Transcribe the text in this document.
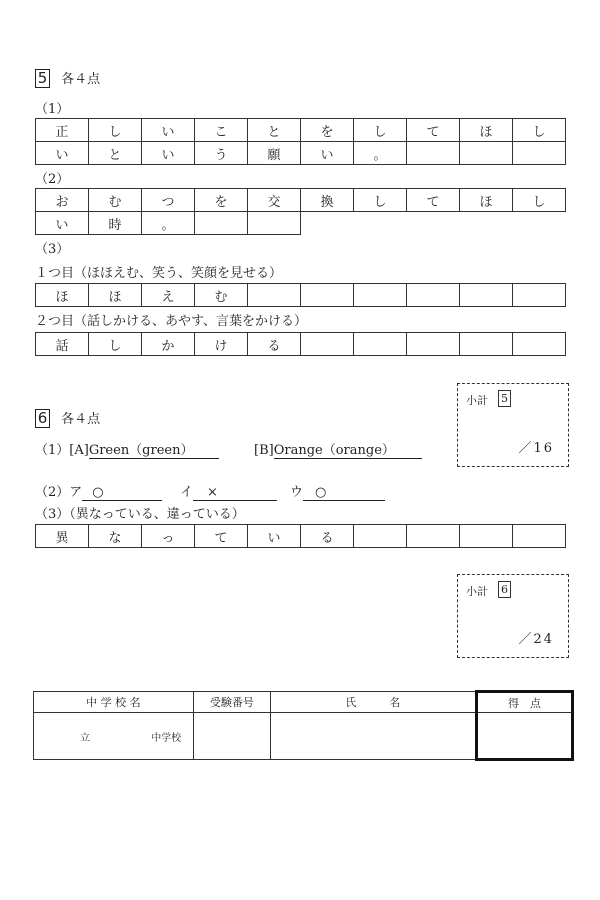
5 各４点
（1）
正	し	い	こ	と	を	し	て	ほ	し
い	と	い	う	願	い	。			
（2）
お	む	つ	を	交	換	し	て	ほ	し
い	時	。							
（3）
１つ目（ほほえむ、笑う、笑顔を見せる）
ほ	ほ	え	む						
２つ目（話しかける、あやす、言葉をかける）
話	し	か	け	る					
小計 5
／16
6 各４点
（1）[A]Green（green）	[B]Orange（orange）
（2）ア ○	イ ×	ウ ○
（3）（異なっている、違っている）
異	な	っ	て	い	る				
小計 6
／24
中 学 校 名	受験番号	氏　　　名	得　点
立 中学校			
